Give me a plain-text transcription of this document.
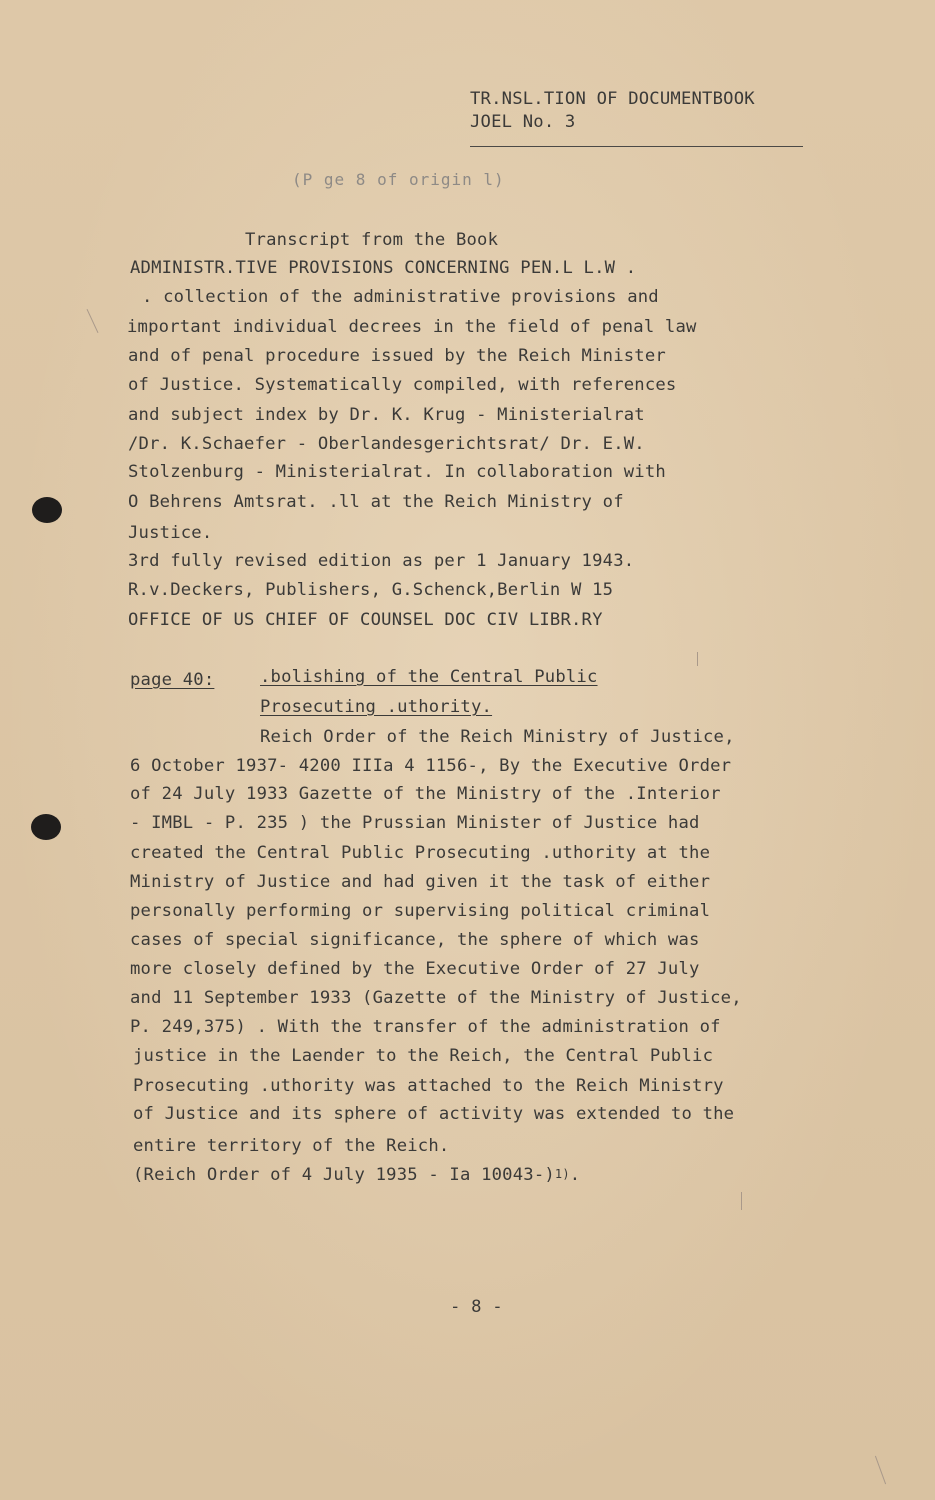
TR.NSL.TION OF DOCUMENTBOOK
JOEL No. 3
(P ge 8 of origin l)
Transcript from the Book
ADMINISTR.TIVE PROVISIONS CONCERNING PEN.L L.W .
. collection of the administrative provisions and
important individual decrees in the field of penal law
and of penal procedure issued by the Reich Minister
of Justice. Systematically compiled, with references
and subject index by Dr. K. Krug - Ministerialrat
/Dr. K.Schaefer - Oberlandesgerichtsrat/ Dr. E.W.
Stolzenburg - Ministerialrat. In collaboration with
O Behrens Amtsrat. .ll at the Reich Ministry of
Justice.
3rd fully revised edition as per 1 January 1943.
R.v.Deckers, Publishers, G.Schenck,Berlin W 15
OFFICE OF US CHIEF OF COUNSEL DOC CIV LIBR.RY
page 40:	.bolishing of the Central Public
Prosecuting .uthority.
Reich Order of the Reich Ministry of Justice,
6 October 1937- 4200 IIIa 4 1156-, By the Executive Order
of 24 July 1933 Gazette of the Ministry of the .Interior
- IMBL - P. 235 ) the Prussian Minister of Justice had
created the Central Public Prosecuting .uthority at the
Ministry of Justice and had given it the task of either
personally performing or supervising political criminal
cases of special significance, the sphere of which was
more closely defined by the Executive Order of 27 July
and 11 September 1933 (Gazette of the Ministry of Justice,
P. 249,375) . With the transfer of the administration of
justice in the Laender to the Reich, the Central Public
Prosecuting .uthority was attached to the Reich Ministry
of Justice and its sphere of activity was extended to the
entire territory of the Reich.
(Reich Order of 4 July 1935 - Ia 10043-)$^{1)}$.
- 8 -
